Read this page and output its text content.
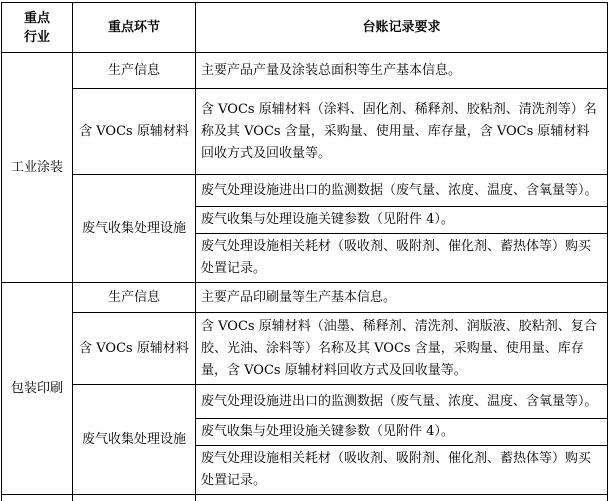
重点
行业	重点环节	台账记录要求
工业涂装	生产信息	主要产品产量及涂装总面积等生产基本信息。

	含 VOCs 原辅材料	含 VOCs 原辅材料（涂料、固化剂、稀释剂、胶粘剂、清洗剂等）名称及其 VOCs 含量，采购量、使用量、库存量，含 VOCs 原辅材料回收方式及回收量等。

	废气收集处理设施	废气处理设施进出口的监测数据（废气量、浓度、温度、含氧量等）。

		废气收集与处理设施关键参数（见附件 4）。

		废气处理设施相关耗材（吸收剂、吸附剂、催化剂、蓄热体等）购买处置记录。

包装印刷	生产信息	主要产品印刷量等生产基本信息。

	含 VOCs 原辅材料	含 VOCs 原辅材料（油墨、稀释剂、清洗剂、润版液、胶粘剂、复合胶、光油、涂料等）名称及其 VOCs 含量，采购量、使用量、库存量，含 VOCs 原辅材料回收方式及回收量等。

	废气收集处理设施	废气处理设施进出口的监测数据（废气量、浓度、温度、含氧量等）。

		废气收集与处理设施关键参数（见附件 4）。

		废气处理设施相关耗材（吸收剂、吸附剂、催化剂、蓄热体等）购买处置记录。
